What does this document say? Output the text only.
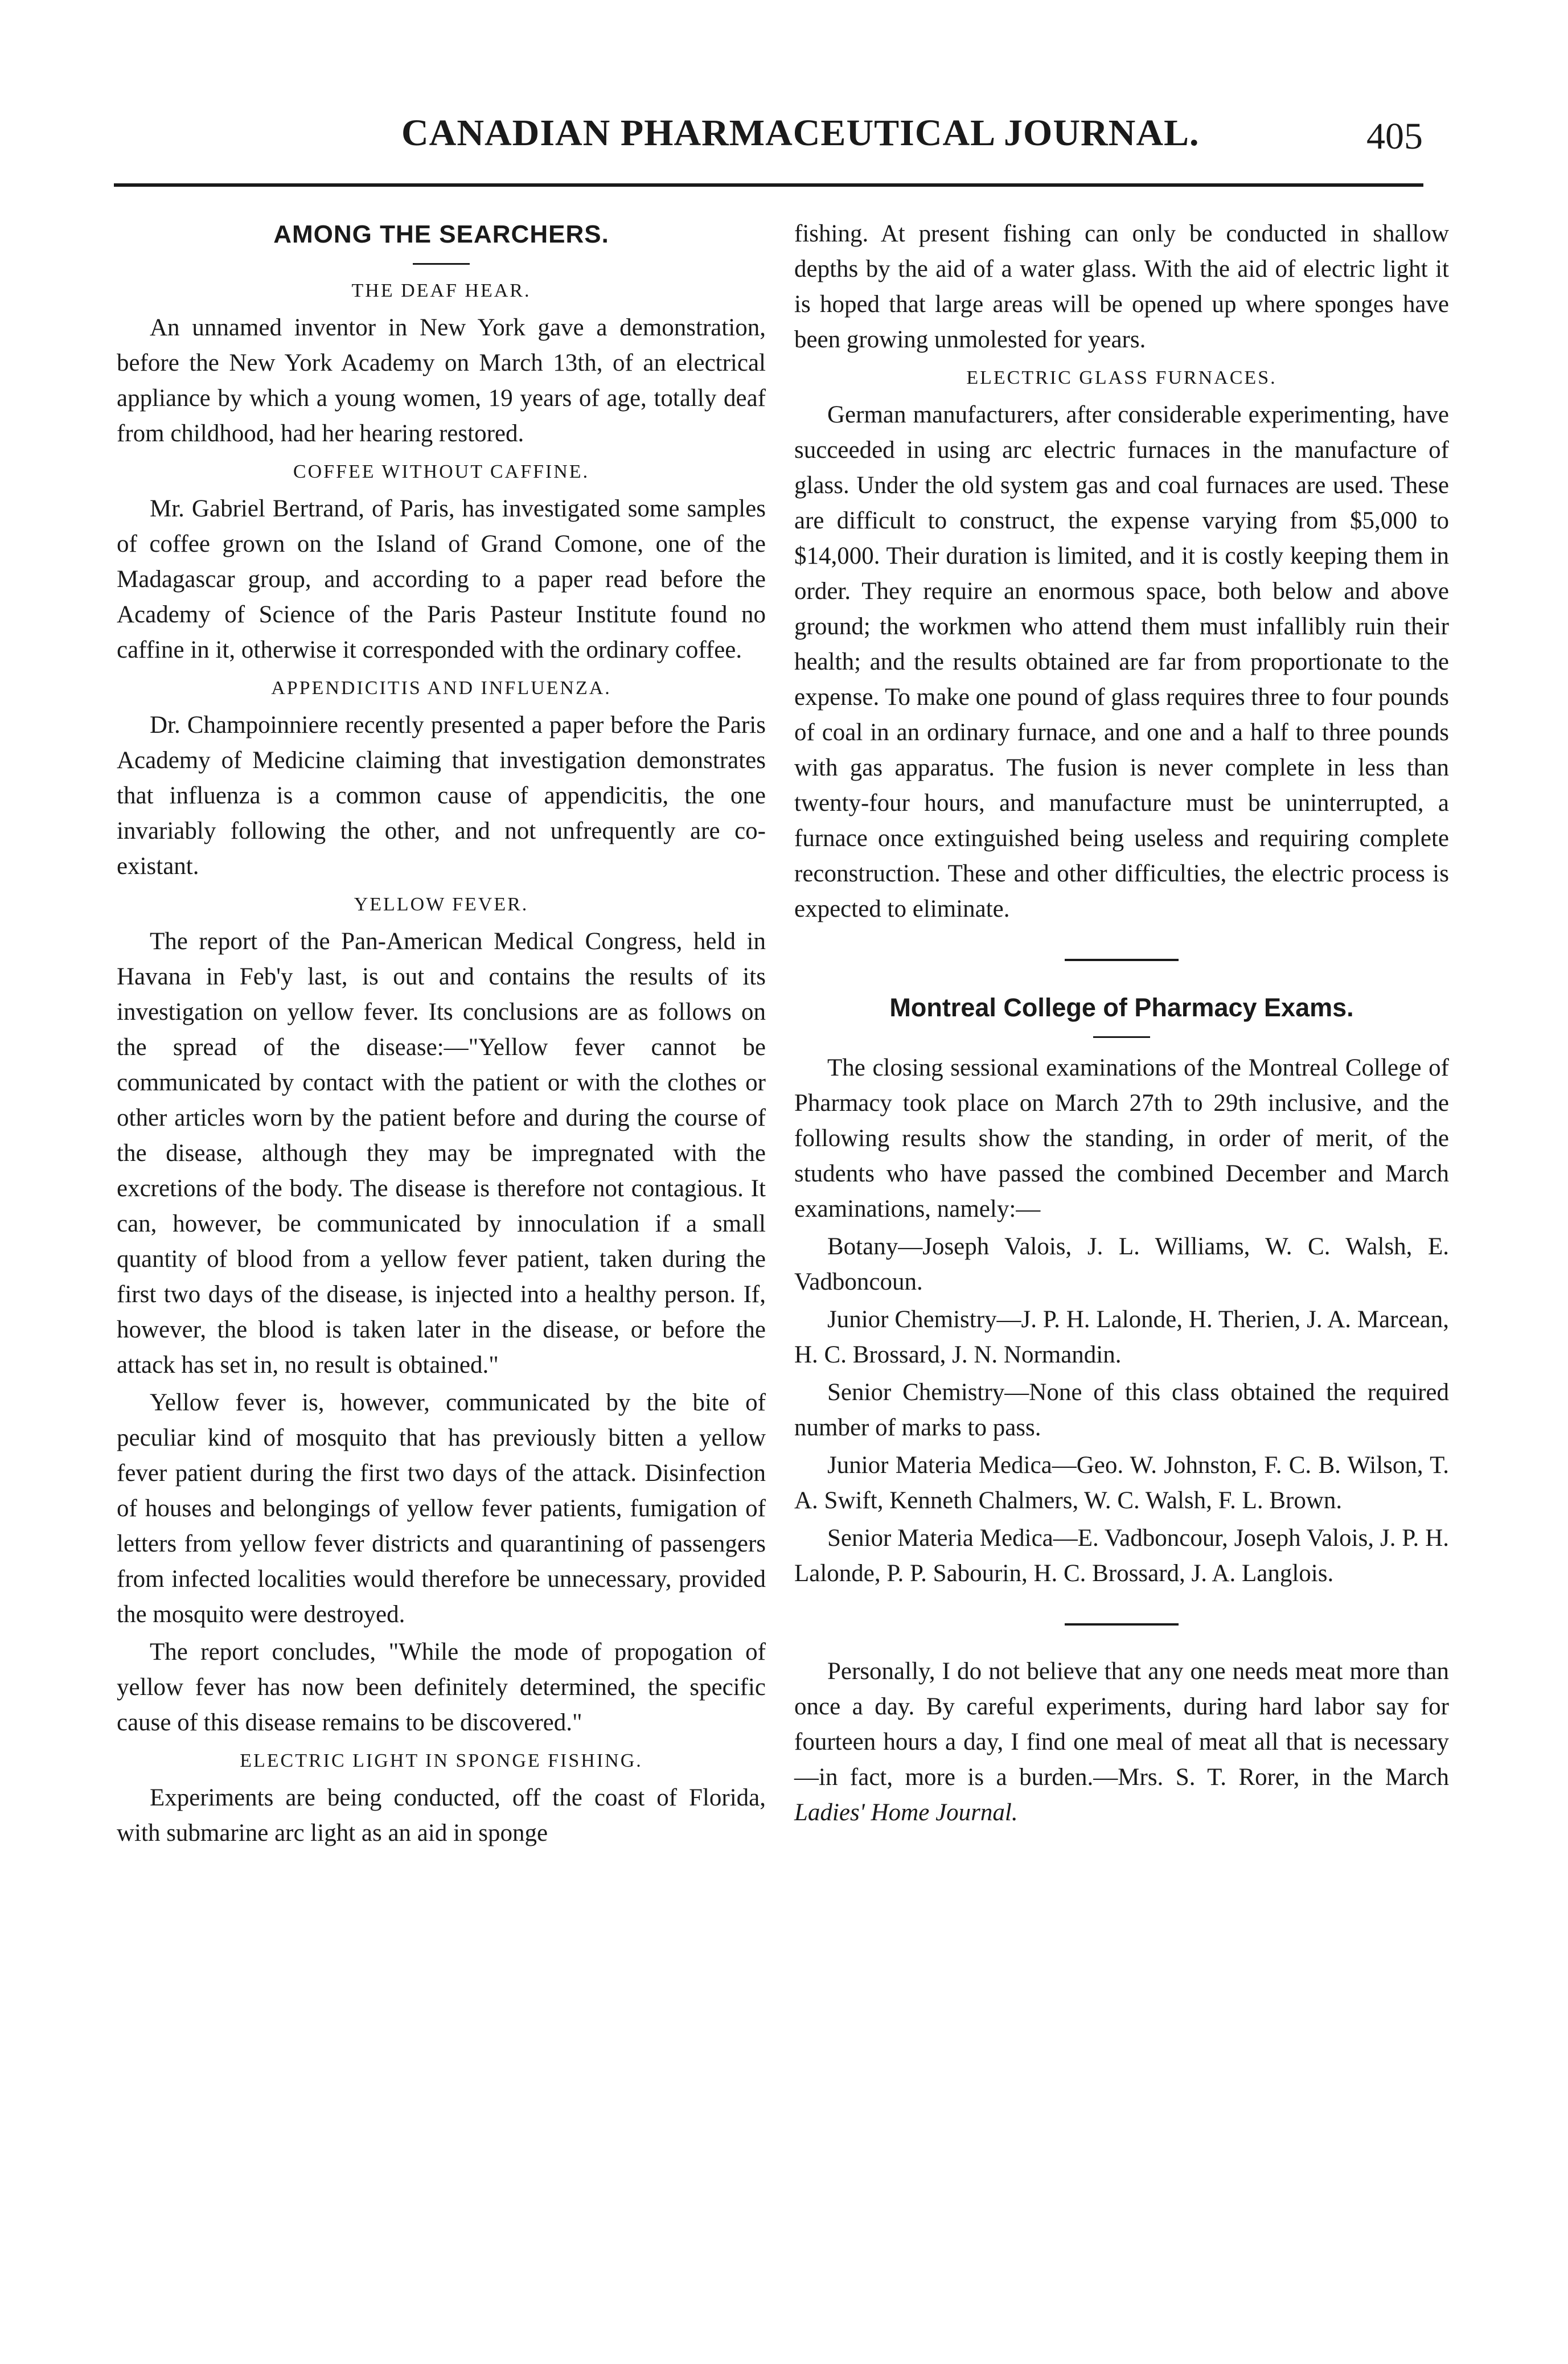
CANADIAN PHARMACEUTICAL JOURNAL.	405
AMONG THE SEARCHERS.
THE DEAF HEAR.

An unnamed inventor in New York gave a demonstration, before the New York Academy on March 13th, of an electrical appliance by which a young women, 19 years of age, totally deaf from childhood, had her hearing restored.

COFFEE WITHOUT CAFFINE.

Mr. Gabriel Bertrand, of Paris, has investigated some samples of coffee grown on the Island of Grand Comone, one of the Madagascar group, and according to a paper read before the Academy of Science of the Paris Pasteur Institute found no caffine in it, otherwise it corresponded with the ordinary coffee.

APPENDICITIS AND INFLUENZA.

Dr. Champoinniere recently presented a paper before the Paris Academy of Medicine claiming that investigation demonstrates that influenza is a common cause of appendicitis, the one invariably following the other, and not unfrequently are co-existant.

YELLOW FEVER.

The report of the Pan-American Medical Congress, held in Havana in Feb'y last, is out and contains the results of its investigation on yellow fever. Its conclusions are as follows on the spread of the disease:—"Yellow fever cannot be communicated by contact with the patient or with the clothes or other articles worn by the patient before and during the course of the disease, although they may be impregnated with the excretions of the body. The disease is therefore not contagious. It can, however, be communicated by innoculation if a small quantity of blood from a yellow fever patient, taken during the first two days of the disease, is injected into a healthy person. If, however, the blood is taken later in the disease, or before the attack has set in, no result is obtained."

Yellow fever is, however, communicated by the bite of peculiar kind of mosquito that has previously bitten a yellow fever patient during the first two days of the attack. Disinfection of houses and belongings of yellow fever patients, fumigation of letters from yellow fever districts and quarantining of passengers from infected localities would therefore be unnecessary, provided the mosquito were destroyed.

The report concludes, "While the mode of propogation of yellow fever has now been definitely determined, the specific cause of this disease remains to be discovered."

ELECTRIC LIGHT IN SPONGE FISHING.

Experiments are being conducted, off the coast of Florida, with submarine arc light as an aid in sponge

fishing. At present fishing can only be conducted in shallow depths by the aid of a water glass. With the aid of electric light it is hoped that large areas will be opened up where sponges have been growing unmolested for years.

ELECTRIC GLASS FURNACES.

German manufacturers, after considerable experimenting, have succeeded in using arc electric furnaces in the manufacture of glass. Under the old system gas and coal furnaces are used. These are difficult to construct, the expense varying from $5,000 to $14,000. Their duration is limited, and it is costly keeping them in order. They require an enormous space, both below and above ground; the workmen who attend them must infallibly ruin their health; and the results obtained are far from proportionate to the expense. To make one pound of glass requires three to four pounds of coal in an ordinary furnace, and one and a half to three pounds with gas apparatus. The fusion is never complete in less than twenty-four hours, and manufacture must be uninterrupted, a furnace once extinguished being useless and requiring complete reconstruction. These and other difficulties, the electric process is expected to eliminate.

Montreal College of Pharmacy Exams.

The closing sessional examinations of the Montreal College of Pharmacy took place on March 27th to 29th inclusive, and the following results show the standing, in order of merit, of the students who have passed the combined December and March examinations, namely:—

Botany—Joseph Valois, J. L. Williams, W. C. Walsh, E. Vadboncoun.

Junior Chemistry—J. P. H. Lalonde, H. Therien, J. A. Marcean, H. C. Brossard, J. N. Normandin.

Senior Chemistry—None of this class obtained the required number of marks to pass.

Junior Materia Medica—Geo. W. Johnston, F. C. B. Wilson, T. A. Swift, Kenneth Chalmers, W. C. Walsh, F. L. Brown.

Senior Materia Medica—E. Vadboncour, Joseph Valois, J. P. H. Lalonde, P. P. Sabourin, H. C. Brossard, J. A. Langlois.

Personally, I do not believe that any one needs meat more than once a day. By careful experiments, during hard labor say for fourteen hours a day, I find one meal of meat all that is necessary—in fact, more is a burden.—Mrs. S. T. Rorer, in the March Ladies' Home Journal.
